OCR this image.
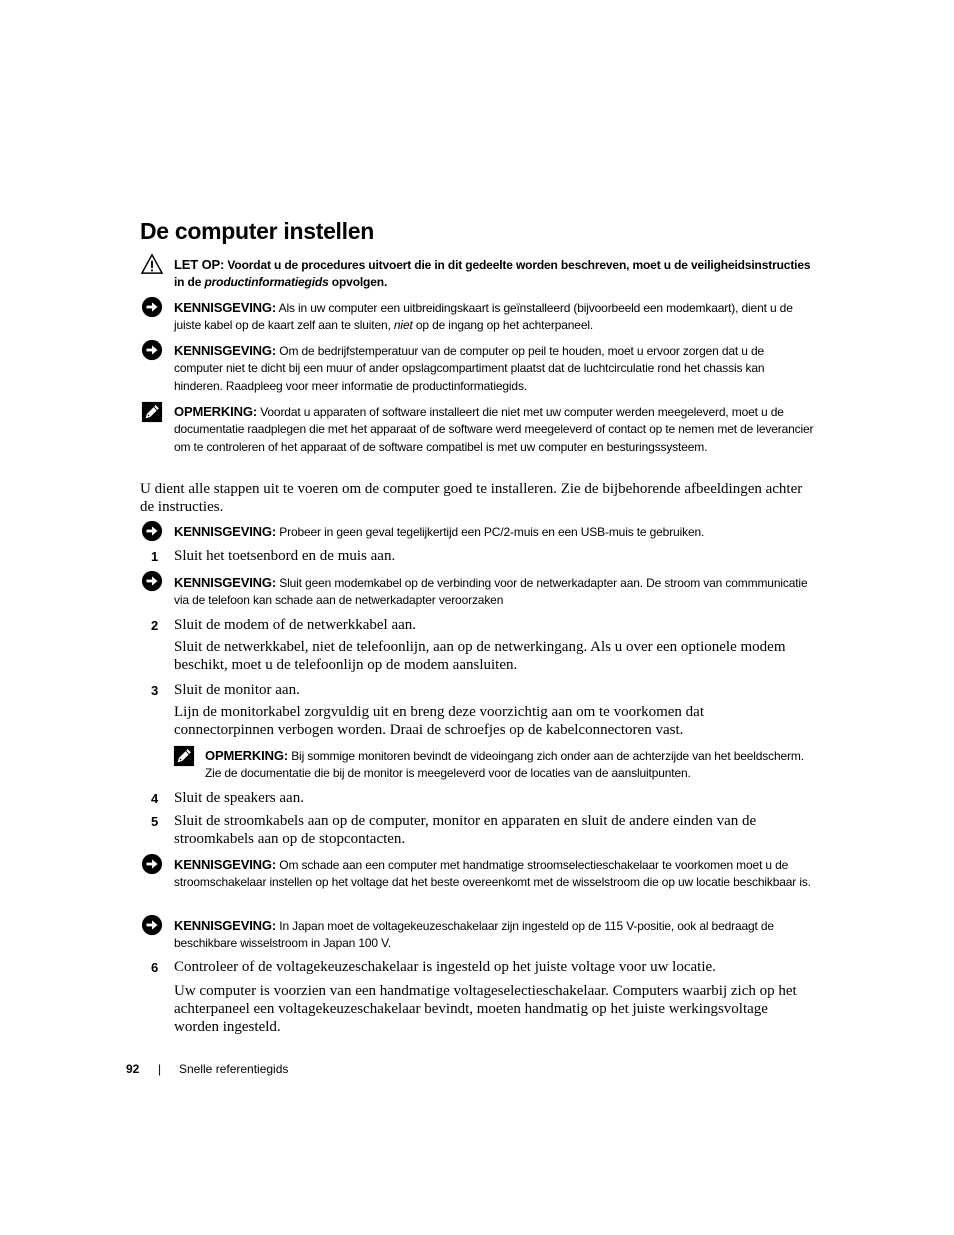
De computer instellen
LET OP: Voordat u de procedures uitvoert die in dit gedeelte worden beschreven, moet u de veiligheidsinstructies in de productinformatiegids opvolgen.
KENNISGEVING: Als in uw computer een uitbreidingskaart is geïnstalleerd (bijvoorbeeld een modemkaart), dient u de juiste kabel op de kaart zelf aan te sluiten, niet op de ingang op het achterpaneel.
KENNISGEVING: Om de bedrijfstemperatuur van de computer op peil te houden, moet u ervoor zorgen dat u de computer niet te dicht bij een muur of ander opslagcompartiment plaatst dat de luchtcirculatie rond het chassis kan hinderen. Raadpleeg voor meer informatie de productinformatiegids.
OPMERKING: Voordat u apparaten of software installeert die niet met uw computer werden meegeleverd, moet u de documentatie raadplegen die met het apparaat of de software werd meegeleverd of contact op te nemen met de leverancier om te controleren of het apparaat of de software compatibel is met uw computer en besturingssysteem.
U dient alle stappen uit te voeren om de computer goed te installeren. Zie de bijbehorende afbeeldingen achter de instructies.
KENNISGEVING: Probeer in geen geval tegelijkertijd een PC/2-muis en een USB-muis te gebruiken.
1 Sluit het toetsenbord en de muis aan.
KENNISGEVING: Sluit geen modemkabel op de verbinding voor de netwerkadapter aan. De stroom van commmunicatie via de telefoon kan schade aan de netwerkadapter veroorzaken
2 Sluit de modem of de netwerkkabel aan.
Sluit de netwerkkabel, niet de telefoonlijn, aan op de netwerkingang. Als u over een optionele modem beschikt, moet u de telefoonlijn op de modem aansluiten.
3 Sluit de monitor aan.
Lijn de monitorkabel zorgvuldig uit en breng deze voorzichtig aan om te voorkomen dat connectorpinnen verbogen worden. Draai de schroefjes op de kabelconnectoren vast.
OPMERKING: Bij sommige monitoren bevindt de videoingang zich onder aan de achterzijde van het beeldscherm. Zie de documentatie die bij de monitor is meegeleverd voor de locaties van de aansluitpunten.
4 Sluit de speakers aan.
5 Sluit de stroomkabels aan op de computer, monitor en apparaten en sluit de andere einden van de stroomkabels aan op de stopcontacten.
KENNISGEVING: Om schade aan een computer met handmatige stroomselectieschakelaar te voorkomen moet u de stroomschakelaar instellen op het voltage dat het beste overeenkomt met de wisselstroom die op uw locatie beschikbaar is.
KENNISGEVING: In Japan moet de voltagekeuzeschakelaar zijn ingesteld op de 115 V-positie, ook al bedraagt de beschikbare wisselstroom in Japan 100 V.
6 Controleer of de voltagekeuzeschakelaar is ingesteld op het juiste voltage voor uw locatie.
Uw computer is voorzien van een handmatige voltageselectieschakelaar. Computers waarbij zich op het achterpaneel een voltagekeuzeschakelaar bevindt, moeten handmatig op het juiste werkingsvoltage worden ingesteld.
92 | Snelle referentiegids
